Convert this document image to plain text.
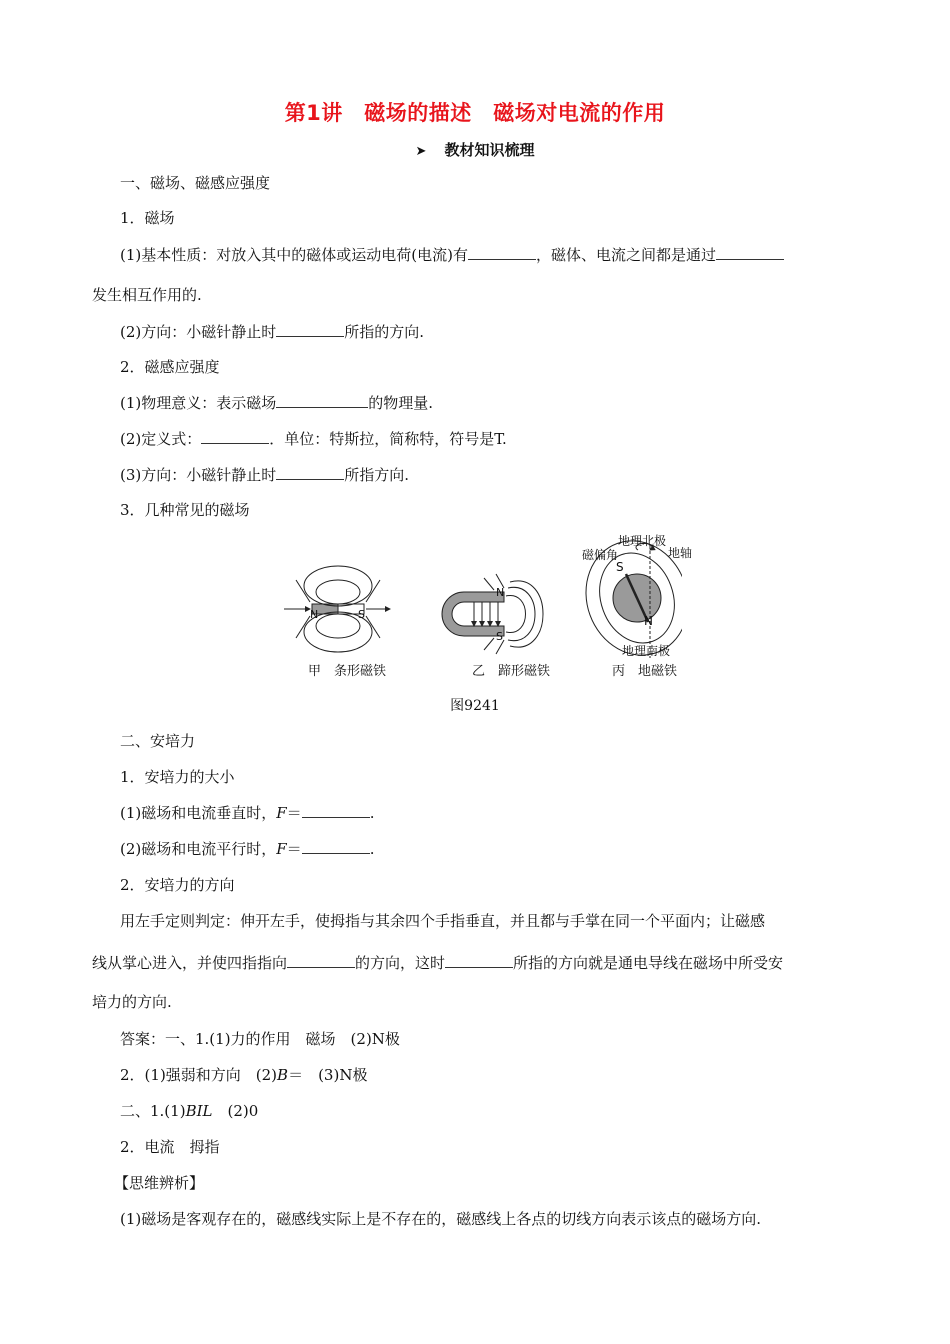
第1讲　磁场的描述　磁场对电流的作用
➤ 教材知识梳理
一、磁场、磁感应强度
1．磁场
(1)基本性质：对放入其中的磁体或运动电荷(电流)有	，磁体、电流之间都是通过
发生相互作用的.
(2)方向：小磁针静止时	所指的方向.
2．磁感应强度
(1)物理意义：表示磁场	的物理量.
(2)定义式：	．单位：特斯拉，简称特，符号是T.
(3)方向：小磁针静止时	所指方向.
3．几种常见的磁场
N	S
N
S
S
N
地理北极
地轴
磁偏角
地理南极
甲　条形磁铁	乙　蹄形磁铁	丙　地磁铁
图9241
二、安培力
1．安培力的大小
(1)磁场和电流垂直时，F＝	.
(2)磁场和电流平行时，F＝	.
2．安培力的方向
用左手定则判定：伸开左手，使拇指与其余四个手指垂直，并且都与手掌在同一个平面内；让磁感
线从掌心进入，并使四指指向	的方向，这时	所指的方向就是通电导线在磁场中所受安
培力的方向.
答案：一、1.(1)力的作用　磁场　(2)N极
2．(1)强弱和方向　(2)B＝　(3)N极
二、1.(1)BIL　(2)0
2．电流　拇指
【思维辨析】
(1)磁场是客观存在的，磁感线实际上是不存在的，磁感线上各点的切线方向表示该点的磁场方向.
